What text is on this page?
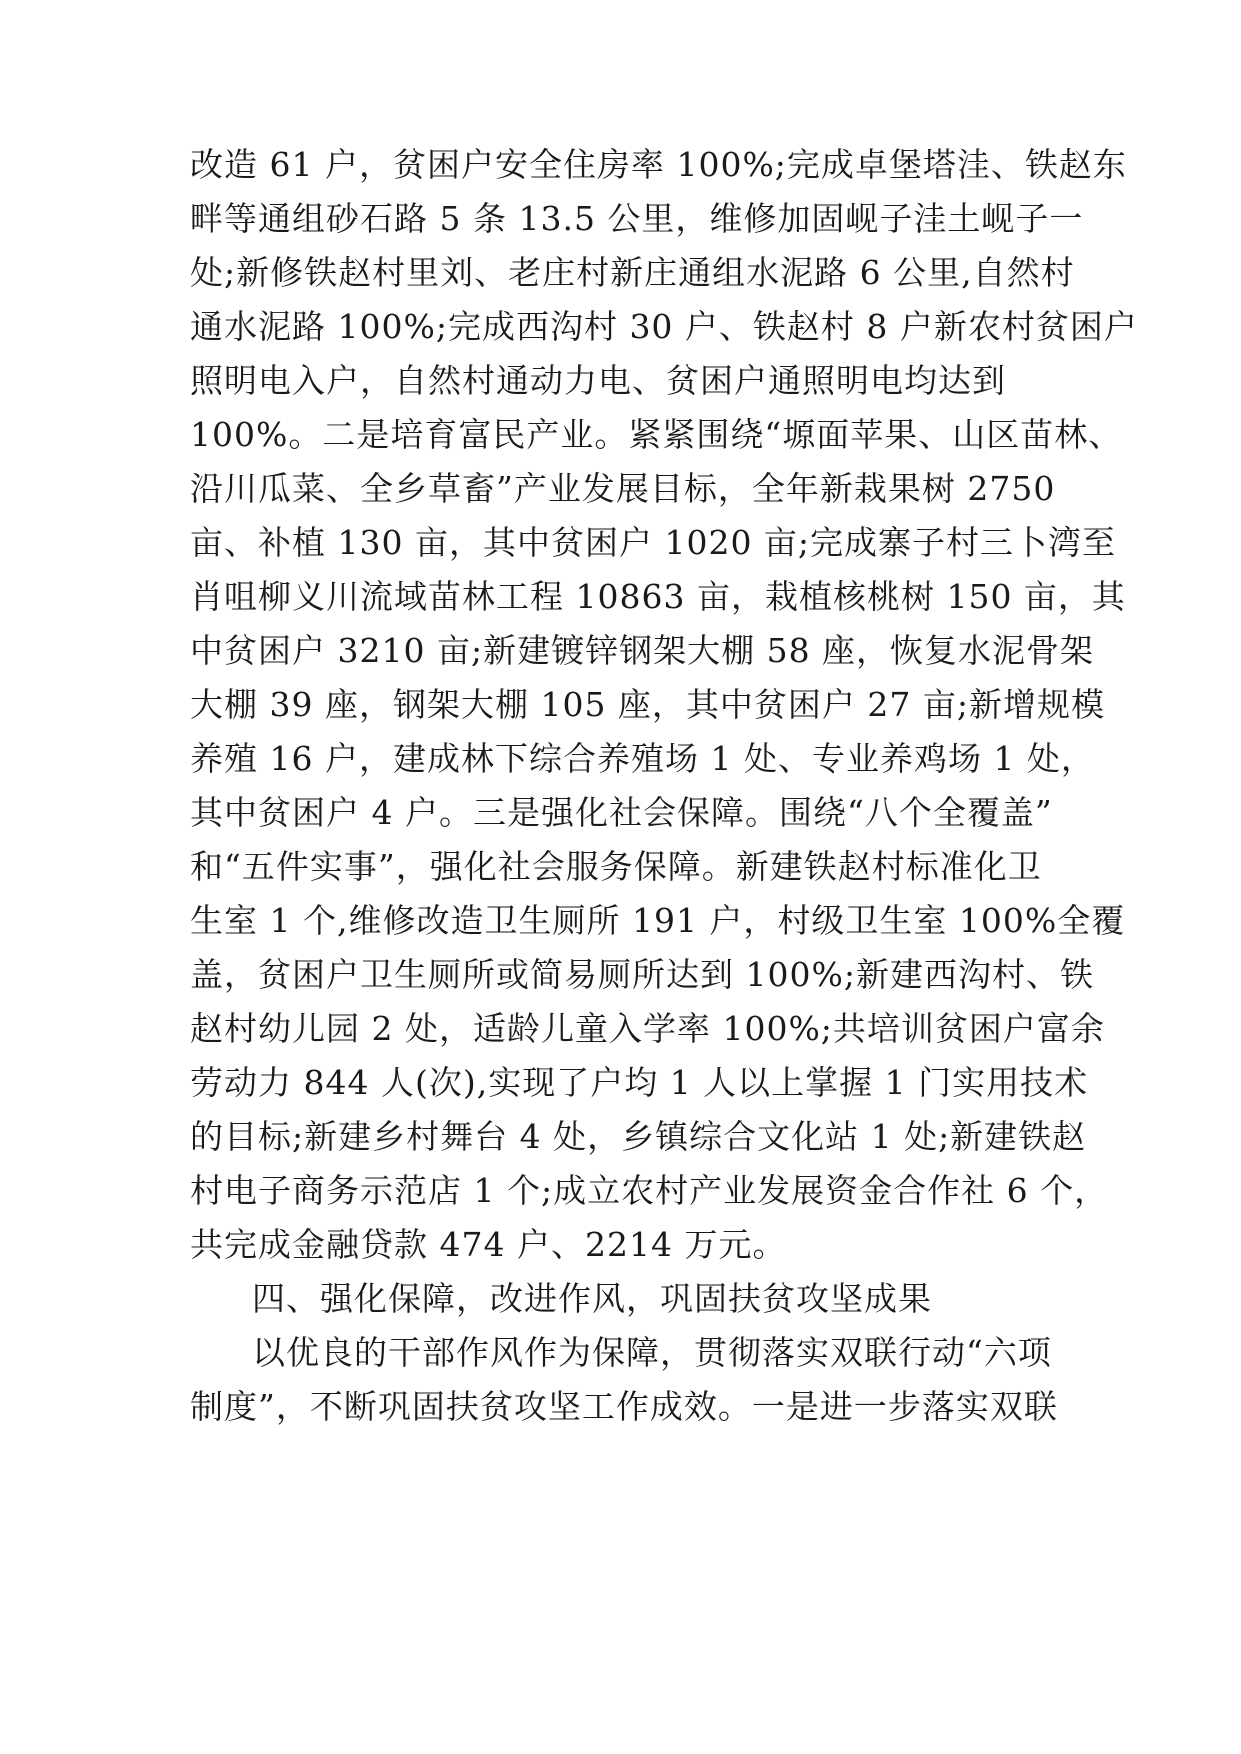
改造 61 户，贫困户安全住房率 100%;完成卓堡塔洼、铁赵东
畔等通组砂石路 5 条 13.5 公里，维修加固岘子洼土岘子一
处;新修铁赵村里刘、老庄村新庄通组水泥路 6 公里,自然村
通水泥路 100%;完成西沟村 30 户、铁赵村 8 户新农村贫困户
照明电入户，自然村通动力电、贫困户通照明电均达到
100%。二是培育富民产业。紧紧围绕“塬面苹果、山区苗林、
沿川瓜菜、全乡草畜”产业发展目标，全年新栽果树 2750
亩、补植 130 亩，其中贫困户 1020 亩;完成寨子村三卜湾至
肖咀柳义川流域苗林工程 10863 亩，栽植核桃树 150 亩，其
中贫困户 3210 亩;新建镀锌钢架大棚 58 座，恢复水泥骨架
大棚 39 座，钢架大棚 105 座，其中贫困户 27 亩;新增规模
养殖 16 户，建成林下综合养殖场 1 处、专业养鸡场 1 处，
其中贫困户 4 户。三是强化社会保障。围绕“八个全覆盖”
和“五件实事”，强化社会服务保障。新建铁赵村标准化卫
生室 1 个,维修改造卫生厕所 191 户，村级卫生室 100%全覆
盖，贫困户卫生厕所或简易厕所达到 100%;新建西沟村、铁
赵村幼儿园 2 处，适龄儿童入学率 100%;共培训贫困户富余
劳动力 844 人(次),实现了户均 1 人以上掌握 1 门实用技术
的目标;新建乡村舞台 4 处，乡镇综合文化站 1 处;新建铁赵
村电子商务示范店 1 个;成立农村产业发展资金合作社 6 个，
共完成金融贷款 474 户、2214 万元。
四、强化保障，改进作风，巩固扶贫攻坚成果
以优良的干部作风作为保障，贯彻落实双联行动“六项
制度”，不断巩固扶贫攻坚工作成效。一是进一步落实双联
